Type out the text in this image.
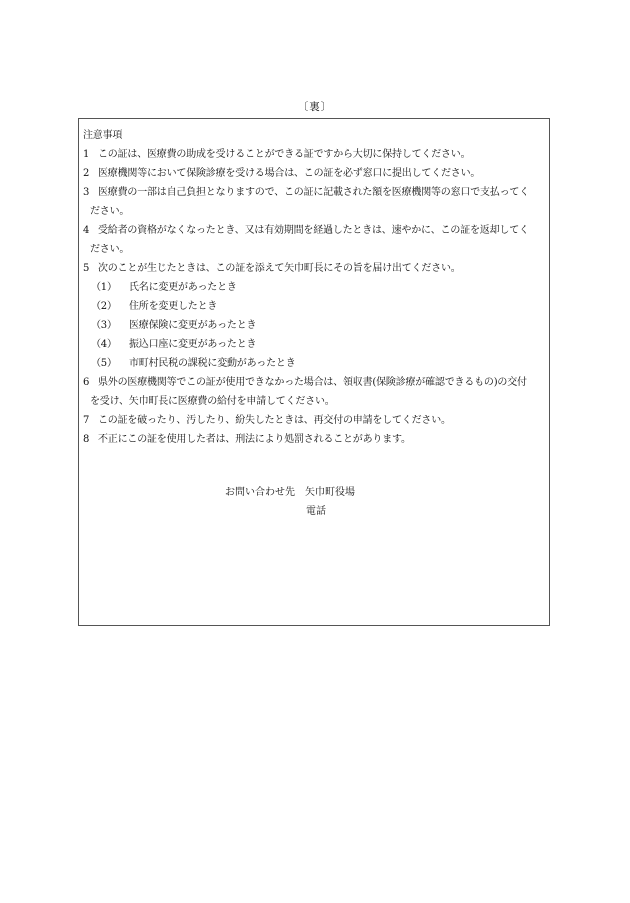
〔裏〕
注意事項
1 この証は、医療費の助成を受けることができる証ですから大切に保持してください。
2 医療機関等において保険診療を受ける場合は、この証を必ず窓口に提出してください。
3 医療費の一部は自己負担となりますので、この証に記載された額を医療機関等の窓口で支払ってく
ださい。
4 受給者の資格がなくなったとき、又は有効期間を経過したときは、速やかに、この証を返却してく
ださい。
5 次のことが生じたときは、この証を添えて矢巾町長にその旨を届け出てください。
（1） 氏名に変更があったとき
（2） 住所を変更したとき
（3） 医療保険に変更があったとき
（4） 振込口座に変更があったとき
（5） 市町村民税の課税に変動があったとき
6 県外の医療機関等でこの証が使用できなかった場合は、領収書(保険診療が確認できるもの)の交付
を受け、矢巾町長に医療費の給付を申請してください。
7 この証を破ったり、汚したり、紛失したときは、再交付の申請をしてください。
8 不正にこの証を使用した者は、刑法により処罰されることがあります。
お問い合わせ先　 矢巾町役場
電話
